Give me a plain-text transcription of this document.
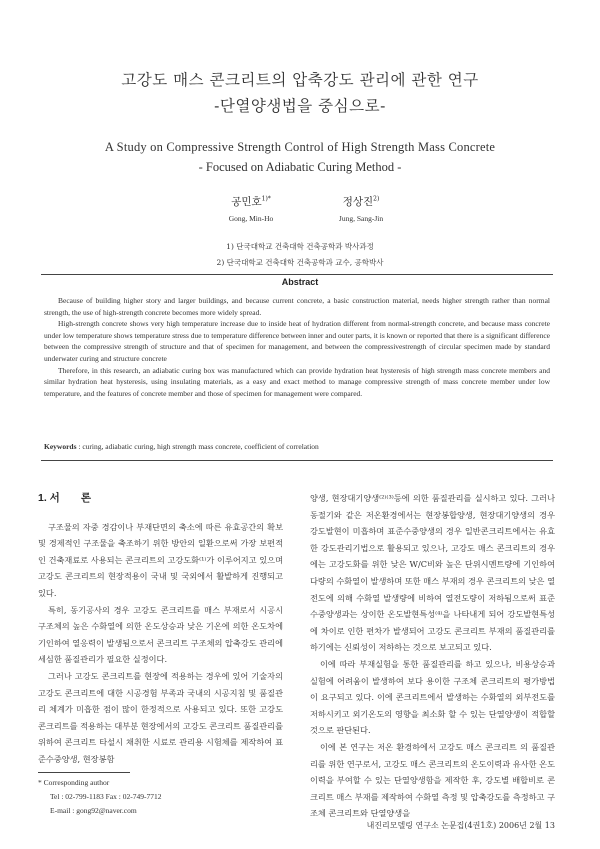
고강도 매스 콘크리트의 압축강도 관리에 관한 연구
-단열양생법을 중심으로-
A Study on Compressive Strength Control of High Strength Mass Concrete
- Focused on Adiabatic Curing Method -
공민호$^{1)*}$
Gong, Min-Ho
정상진$^{2)}$
Jung, Sang-Jin
1) 단국대학교 건축대학 건축공학과 박사과정
2) 단국대학교 건축대학 건축공학과 교수, 공학박사
Abstract

Because of building higher story and larger buildings, and because current concrete, a basic construction material, needs higher strength rather than normal strength, the use of high-strength concrete becomes more widely spread.

High-strength concrete shows very high temperature increase due to inside heat of hydration different from normal-strength concrete, and because mass concrete under low temperature shows temperature stress due to temperature difference between inner and outer parts, it is known or reported that there is a significant difference between the compressive strength of structure and that of specimen for management, and between the compressivestrength of circular specimen made by standard underwater curing and structure concrete

Therefore, in this research, an adiabatic curing box was manufactured which can provide hydration heat hysteresis of high strength mass concrete members and similar hydration heat hysteresis, using insulating materials, as a easy and exact method to manage compressive strength of mass concrete member under low temperature, and the features of concrete member and those of specimen for management were compared.

Keywords : curing, adiabatic curing, high strength mass concrete, coefficient of correlation
1. 서　　론

구조물의 자중 경감이나 부재단면의 축소에 따른 유효공간의 확보 및 경제적인 구조물을 축조하기 위한 방안의 일환으로써 가장 보편적인 건축재료로 사용되는 콘크리트의 고강도화⁽¹⁾가 이루어지고 있으며 고강도 콘크리트의 현장적용이 국내 및 국외에서 활발하게 진행되고 있다.

특히, 동기공사의 경우 고강도 콘크리트를 매스 부재로서 시공시 구조체의 높은 수화열에 의한 온도상승과 낮은 기온에 의한 온도차에 기인하여 열응력이 발생됨으로서 콘크리트 구조체의 압축강도 관리에 세심한 품질관리가 필요한 실정이다.

그러나 고강도 콘크리트를 현장에 적용하는 경우에 있어 기술자의 고강도 콘크리트에 대한 시공경험 부족과 국내의 시공지침 및 품질관리 체계가 미흡한 점이 많이 한정적으로 사용되고 있다. 또한 고강도 콘크리트를 적용하는 대부분 현장에서의 고강도 콘크리트 품질관리를 위하여 콘크리트 타설시 채취한 시료로 관리용 시험체를 제작하여 표준수중양생, 현장봉함

양생, 현장대기양생⁽²⁾⁽³⁾등에 의한 품질관리를 실시하고 있다. 그러나 동절기와 같은 저온환경에서는 현장봉합양생, 현장대기양생의 경우 강도발현이 미흡하며 표준수중양생의 경우 일반콘크리트에서는 유효한 강도관리기법으로 활용되고 있으나, 고강도 매스 콘크리트의 경우에는 고강도화를 위한 낮은 W/C비와 높은 단위시멘트량에 기인하여 다량의 수화열이 발생하며 또한 매스 부재의 경우 콘크리트의 낮은 열전도에 의해 수화열 발생량에 비하여 열전도량이 저하됨으로써 표준수중양생과는 상이한 온도발현특성⁽⁴⁾을 나타내게 되어 강도발현특성에 차이로 인한 편차가 발생되어 고강도 콘크리트 부재의 품질관리를 하기에는 신뢰성이 저하하는 것으로 보고되고 있다.

이에 따라 부재실험을 통한 품질관리를 하고 있으나, 비용상승과 실험에 어려움이 발생하여 보다 용이한 구조체 콘크리트의 평가방법이 요구되고 있다. 이에 콘크리트에서 발생하는 수화열의 외부전도를 저하시키고 외기온도의 영향을 최소화 할 수 있는 단열양생이 적합할 것으로 판단된다.

이에 본 연구는 저온 환경하에서 고강도 매스 콘크리트 의 품질관리를 위한 연구로서, 고강도 매스 콘크리트의 온도이력과 유사한 온도이력을 부여할 수 있는 단열양생함을 제작한 후, 강도별 배합비로 콘크리트 매스 부재를 제작하여 수화열 측정 및 압축강도를 측정하고 구조체 콘크리트와 단열양생을

* Corresponding author
Tel : 02-799-1183 Fax : 02-749-7712
E-mail : gong92@naver.com
내진리모델링 연구소 논문집(4권1호) 2006년 2월 13
